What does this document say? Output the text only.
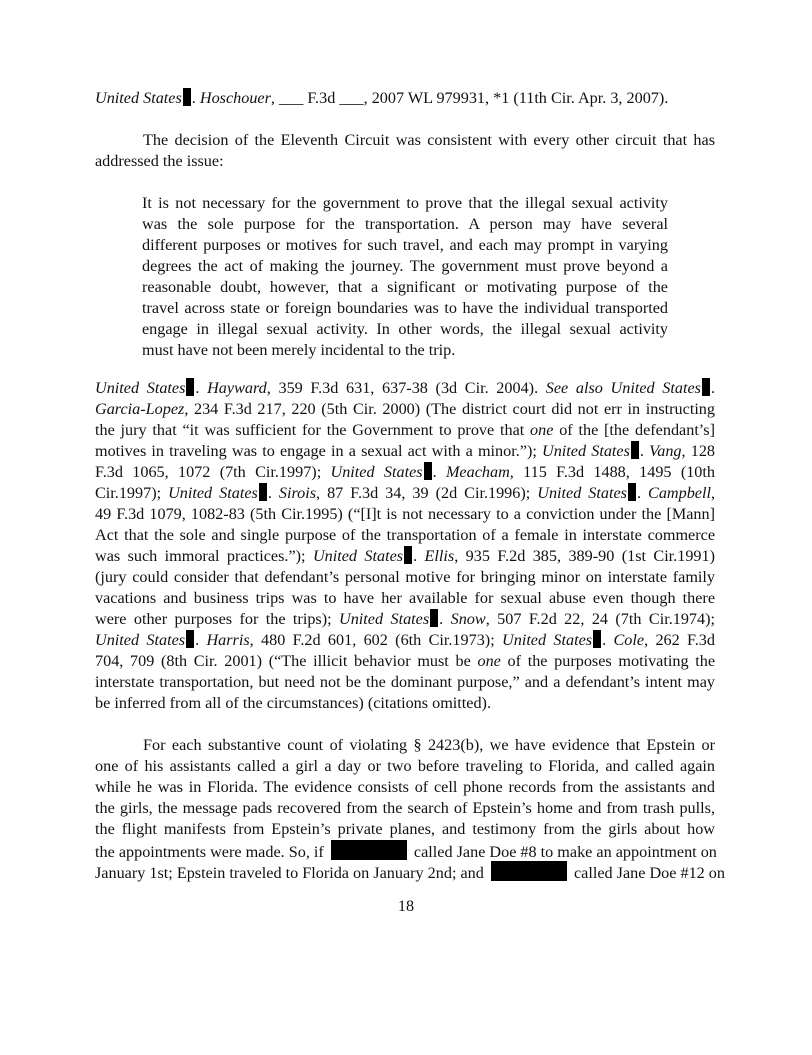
United States . Hoschouer, ___ F.3d ___, 2007 WL 979931, *1 (11th Cir. Apr. 3, 2007).
The decision of the Eleventh Circuit was consistent with every other circuit that has
addressed the issue:
It is not necessary for the government to prove that the illegal sexual activity
was the sole purpose for the transportation. A person may have several
different purposes or motives for such travel, and each may prompt in varying
degrees the act of making the journey. The government must prove beyond a
reasonable doubt, however, that a significant or motivating purpose of the
travel across state or foreign boundaries was to have the individual transported
engage in illegal sexual activity. In other words, the illegal sexual activity
must have not been merely incidental to the trip.
United States . Hayward, 359 F.3d 631, 637-38 (3d Cir. 2004). See also United States .
Garcia-Lopez, 234 F.3d 217, 220 (5th Cir. 2000) (The district court did not err in instructing
the jury that “it was sufficient for the Government to prove that one of the [the defendant’s]
motives in traveling was to engage in a sexual act with a minor.”); United States . Vang, 128
F.3d 1065, 1072 (7th Cir.1997); United States . Meacham, 115 F.3d 1488, 1495 (10th
Cir.1997); United States . Sirois, 87 F.3d 34, 39 (2d Cir.1996); United States . Campbell,
49 F.3d 1079, 1082-83 (5th Cir.1995) (“[I]t is not necessary to a conviction under the [Mann]
Act that the sole and single purpose of the transportation of a female in interstate commerce
was such immoral practices.”); United States . Ellis, 935 F.2d 385, 389-90 (1st Cir.1991)
(jury could consider that defendant’s personal motive for bringing minor on interstate family
vacations and business trips was to have her available for sexual abuse even though there
were other purposes for the trips); United States . Snow, 507 F.2d 22, 24 (7th Cir.1974);
United States . Harris, 480 F.2d 601, 602 (6th Cir.1973); United States . Cole, 262 F.3d
704, 709 (8th Cir. 2001) (“The illicit behavior must be one of the purposes motivating the
interstate transportation, but need not be the dominant purpose,” and a defendant’s intent may
be inferred from all of the circumstances) (citations omitted).
For each substantive count of violating § 2423(b), we have evidence that Epstein or
one of his assistants called a girl a day or two before traveling to Florida, and called again
while he was in Florida. The evidence consists of cell phone records from the assistants and
the girls, the message pads recovered from the search of Epstein’s home and from trash pulls,
the flight manifests from Epstein’s private planes, and testimony from the girls about how
the appointments were made. So, if	called Jane Doe #8 to make an appointment on
January 1st; Epstein traveled to Florida on January 2nd; and	called Jane Doe #12 on
18
